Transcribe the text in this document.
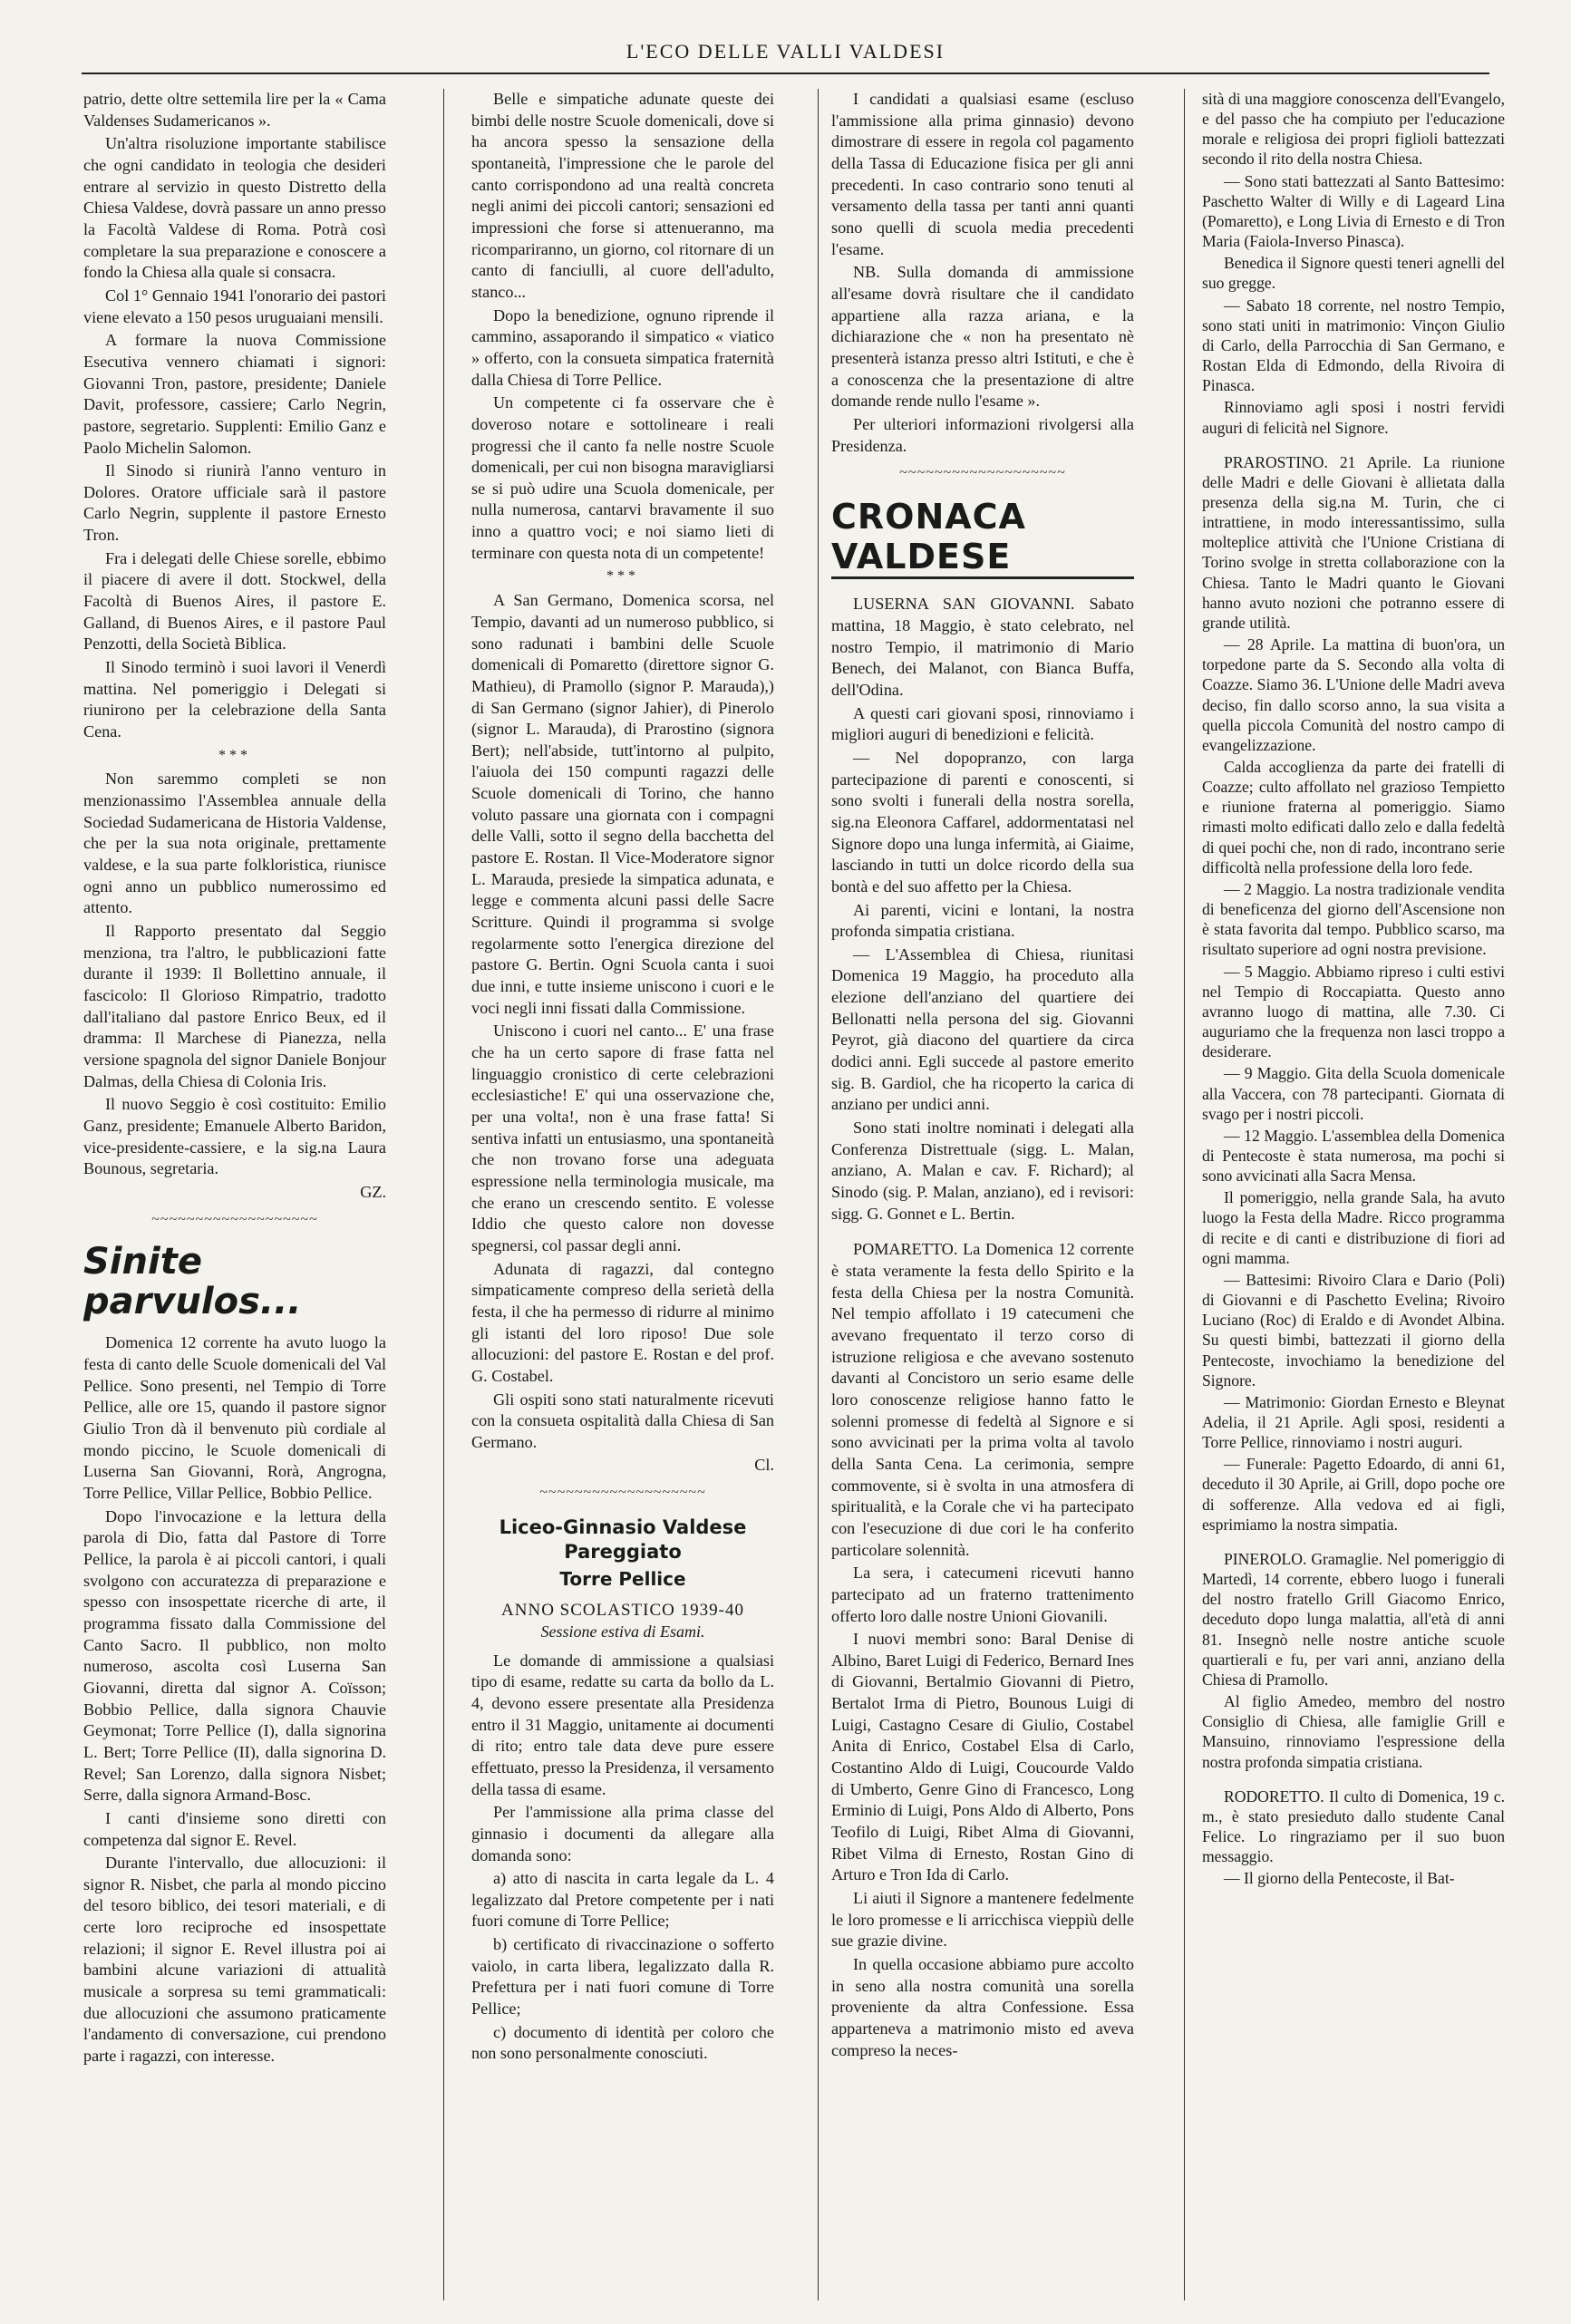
L'ECO DELLE VALLI VALDESI

patrio, dette oltre settemila lire per la « Cama Valdenses Sudamericanos ».

Un'altra risoluzione importante stabilisce che ogni candidato in teologia che desideri entrare al servizio in questo Distretto della Chiesa Valdese, dovrà passare un anno presso la Facoltà Valdese di Roma. Potrà così completare la sua preparazione e conoscere a fondo la Chiesa alla quale si consacra.

Col 1° Gennaio 1941 l'onorario dei pastori viene elevato a 150 pesos uruguaiani mensili.

A formare la nuova Commissione Esecutiva vennero chiamati i signori: Giovanni Tron, pastore, presidente; Daniele Davit, professore, cassiere; Carlo Negrin, pastore, segretario. Supplenti: Emilio Ganz e Paolo Michelin Salomon.

Il Sinodo si riunirà l'anno venturo in Dolores. Oratore ufficiale sarà il pastore Carlo Negrin, supplente il pastore Ernesto Tron.

Fra i delegati delle Chiese sorelle, ebbimo il piacere di avere il dott. Stockwel, della Facoltà di Buenos Aires, il pastore E. Galland, di Buenos Aires, e il pastore Paul Penzotti, della Società Biblica.

Il Sinodo terminò i suoi lavori il Venerdì mattina. Nel pomeriggio i Delegati si riunirono per la celebrazione della Santa Cena.

***

Non saremmo completi se non menzionassimo l'Assemblea annuale della Sociedad Sudamericana de Historia Valdense, che per la sua nota originale, prettamente valdese, e la sua parte folkloristica, riunisce ogni anno un pubblico numerossimo ed attento.

Il Rapporto presentato dal Seggio menziona, tra l'altro, le pubblicazioni fatte durante il 1939: Il Bollettino annuale, il fascicolo: Il Glorioso Rimpatrio, tradotto dall'italiano dal pastore Enrico Beux, ed il dramma: Il Marchese di Pianezza, nella versione spagnola del signor Daniele Bonjour Dalmas, della Chiesa di Colonia Iris.

Il nuovo Seggio è così costituito: Emilio Ganz, presidente; Emanuele Alberto Baridon, vice-presidente-cassiere, e la sig.na Laura Bounous, segretaria.

GZ.
~~~~~~~~~~~~~~~~~~~
Sinite parvulos...

Domenica 12 corrente ha avuto luogo la festa di canto delle Scuole domenicali del Val Pellice. Sono presenti, nel Tempio di Torre Pellice, alle ore 15, quando il pastore signor Giulio Tron dà il benvenuto più cordiale al mondo piccino, le Scuole domenicali di Luserna San Giovanni, Rorà, Angrogna, Torre Pellice, Villar Pellice, Bobbio Pellice.

Dopo l'invocazione e la lettura della parola di Dio, fatta dal Pastore di Torre Pellice, la parola è ai piccoli cantori, i quali svolgono con accuratezza di preparazione e spesso con insospettate ricerche di arte, il programma fissato dalla Commissione del Canto Sacro. Il pubblico, non molto numeroso, ascolta così Luserna San Giovanni, diretta dal signor A. Coïsson; Bobbio Pellice, dalla signora Chauvie Geymonat; Torre Pellice (I), dalla signorina L. Bert; Torre Pellice (II), dalla signorina D. Revel; San Lorenzo, dalla signora Nisbet; Serre, dalla signora Armand-Bosc.

I canti d'insieme sono diretti con competenza dal signor E. Revel.

Durante l'intervallo, due allocuzioni: il signor R. Nisbet, che parla al mondo piccino del tesoro biblico, dei tesori materiali, e di certe loro reciproche ed insospettate relazioni; il signor E. Revel illustra poi ai bambini alcune variazioni di attualità musicale a sorpresa su temi grammaticali: due allocuzioni che assumono praticamente l'andamento di conversazione, cui prendono parte i ragazzi, con interesse.

Belle e simpatiche adunate queste dei bimbi delle nostre Scuole domenicali, dove si ha ancora spesso la sensazione della spontaneità, l'impressione che le parole del canto corrispondono ad una realtà concreta negli animi dei piccoli cantori; sensazioni ed impressioni che forse si attenueranno, ma ricompariranno, un giorno, col ritornare di un canto di fanciulli, al cuore dell'adulto, stanco...

Dopo la benedizione, ognuno riprende il cammino, assaporando il simpatico « viatico » offerto, con la consueta simpatica fraternità dalla Chiesa di Torre Pellice.

Un competente ci fa osservare che è doveroso notare e sottolineare i reali progressi che il canto fa nelle nostre Scuole domenicali, per cui non bisogna maravigliarsi se si può udire una Scuola domenicale, per nulla numerosa, cantarvi bravamente il suo inno a quattro voci; e noi siamo lieti di terminare con questa nota di un competente!

***

A San Germano, Domenica scorsa, nel Tempio, davanti ad un numeroso pubblico, si sono radunati i bambini delle Scuole domenicali di Pomaretto (direttore signor G. Mathieu), di Pramollo (signor P. Marauda),) di San Germano (signor Jahier), di Pinerolo (signor L. Marauda), di Prarostino (signora Bert); nell'abside, tutt'intorno al pulpito, l'aiuola dei 150 compunti ragazzi delle Scuole domenicali di Torino, che hanno voluto passare una giornata con i compagni delle Valli, sotto il segno della bacchetta del pastore E. Rostan. Il Vice-Moderatore signor L. Marauda, presiede la simpatica adunata, e legge e commenta alcuni passi delle Sacre Scritture. Quindi il programma si svolge regolarmente sotto l'energica direzione del pastore G. Bertin. Ogni Scuola canta i suoi due inni, e tutte insieme uniscono i cuori e le voci negli inni fissati dalla Commissione.

Uniscono i cuori nel canto... E' una frase che ha un certo sapore di frase fatta nel linguaggio cronistico di certe celebrazioni ecclesiastiche! E' qui una osservazione che, per una volta!, non è una frase fatta! Si sentiva infatti un entusiasmo, una spontaneità che non trovano forse una adeguata espressione nella terminologia musicale, ma che erano un crescendo sentito. E volesse Iddio che questo calore non dovesse spegnersi, col passar degli anni.

Adunata di ragazzi, dal contegno simpaticamente compreso della serietà della festa, il che ha permesso di ridurre al minimo gli istanti del loro riposo! Due sole allocuzioni: del pastore E. Rostan e del prof. G. Costabel.

Gli ospiti sono stati naturalmente ricevuti con la consueta ospitalità dalla Chiesa di San Germano.

Cl.
~~~~~~~~~~~~~~~~~~~
Liceo-Ginnasio Valdese Pareggiato
Torre Pellice
ANNO SCOLASTICO 1939-40
Sessione estiva di Esami.

Le domande di ammissione a qualsiasi tipo di esame, redatte su carta da bollo da L. 4, devono essere presentate alla Presidenza entro il 31 Maggio, unitamente ai documenti di rito; entro tale data deve pure essere effettuato, presso la Presidenza, il versamento della tassa di esame.

Per l'ammissione alla prima classe del ginnasio i documenti da allegare alla domanda sono:

a) atto di nascita in carta legale da L. 4 legalizzato dal Pretore competente per i nati fuori comune di Torre Pellice;

b) certificato di rivaccinazione o sofferto vaiolo, in carta libera, legalizzato dalla R. Prefettura per i nati fuori comune di Torre Pellice;

c) documento di identità per coloro che non sono personalmente conosciuti.

I candidati a qualsiasi esame (escluso l'ammissione alla prima ginnasio) devono dimostrare di essere in regola col pagamento della Tassa di Educazione fisica per gli anni precedenti. In caso contrario sono tenuti al versamento della tassa per tanti anni quanti sono quelli di scuola media precedenti l'esame.

NB. Sulla domanda di ammissione all'esame dovrà risultare che il candidato appartiene alla razza ariana, e la dichiarazione che « non ha presentato nè presenterà istanza presso altri Istituti, e che è a conoscenza che la presentazione di altre domande rende nullo l'esame ».

Per ulteriori informazioni rivolgersi alla Presidenza.

~~~~~~~~~~~~~~~~~~~
CRONACA VALDESE

LUSERNA SAN GIOVANNI. Sabato mattina, 18 Maggio, è stato celebrato, nel nostro Tempio, il matrimonio di Mario Benech, dei Malanot, con Bianca Buffa, dell'Odina.

A questi cari giovani sposi, rinnoviamo i migliori auguri di benedizioni e felicità.

— Nel dopopranzo, con larga partecipazione di parenti e conoscenti, si sono svolti i funerali della nostra sorella, sig.na Eleonora Caffarel, addormentatasi nel Signore dopo una lunga infermità, ai Giaime, lasciando in tutti un dolce ricordo della sua bontà e del suo affetto per la Chiesa.

Ai parenti, vicini e lontani, la nostra profonda simpatia cristiana.

— L'Assemblea di Chiesa, riunitasi Domenica 19 Maggio, ha proceduto alla elezione dell'anziano del quartiere dei Bellonatti nella persona del sig. Giovanni Peyrot, già diacono del quartiere da circa dodici anni. Egli succede al pastore emerito sig. B. Gardiol, che ha ricoperto la carica di anziano per undici anni.

Sono stati inoltre nominati i delegati alla Conferenza Distrettuale (sigg. L. Malan, anziano, A. Malan e cav. F. Richard); al Sinodo (sig. P. Malan, anziano), ed i revisori: sigg. G. Gonnet e L. Bertin.

POMARETTO. La Domenica 12 corrente è stata veramente la festa dello Spirito e la festa della Chiesa per la nostra Comunità. Nel tempio affollato i 19 catecumeni che avevano frequentato il terzo corso di istruzione religiosa e che avevano sostenuto davanti al Concistoro un serio esame delle loro conoscenze religiose hanno fatto le solenni promesse di fedeltà al Signore e si sono avvicinati per la prima volta al tavolo della Santa Cena. La cerimonia, sempre commovente, si è svolta in una atmosfera di spiritualità, e la Corale che vi ha partecipato con l'esecuzione di due cori le ha conferito particolare solennità.

La sera, i catecumeni ricevuti hanno partecipato ad un fraterno trattenimento offerto loro dalle nostre Unioni Giovanili.

I nuovi membri sono: Baral Denise di Albino, Baret Luigi di Federico, Bernard Ines di Giovanni, Bertalmio Giovanni di Pietro, Bertalot Irma di Pietro, Bounous Luigi di Luigi, Castagno Cesare di Giulio, Costabel Anita di Enrico, Costabel Elsa di Carlo, Costantino Aldo di Luigi, Coucourde Valdo di Umberto, Genre Gino di Francesco, Long Erminio di Luigi, Pons Aldo di Alberto, Pons Teofilo di Luigi, Ribet Alma di Giovanni, Ribet Vilma di Ernesto, Rostan Gino di Arturo e Tron Ida di Carlo.

Li aiuti il Signore a mantenere fedelmente le loro promesse e li arricchisca vieppiù delle sue grazie divine.

In quella occasione abbiamo pure accolto in seno alla nostra comunità una sorella proveniente da altra Confessione. Essa apparteneva a matrimonio misto ed aveva compreso la neces-

sità di una maggiore conoscenza dell'Evangelo, e del passo che ha compiuto per l'educazione morale e religiosa dei propri figlioli battezzati secondo il rito della nostra Chiesa.

— Sono stati battezzati al Santo Battesimo: Paschetto Walter di Willy e di Lageard Lina (Pomaretto), e Long Livia di Ernesto e di Tron Maria (Faiola-Inverso Pinasca).

Benedica il Signore questi teneri agnelli del suo gregge.

— Sabato 18 corrente, nel nostro Tempio, sono stati uniti in matrimonio: Vinçon Giulio di Carlo, della Parrocchia di San Germano, e Rostan Elda di Edmondo, della Rivoira di Pinasca.

Rinnoviamo agli sposi i nostri fervidi auguri di felicità nel Signore.

PRAROSTINO. 21 Aprile. La riunione delle Madri e delle Giovani è allietata dalla presenza della sig.na M. Turin, che ci intrattiene, in modo interessantissimo, sulla molteplice attività che l'Unione Cristiana di Torino svolge in stretta collaborazione con la Chiesa. Tanto le Madri quanto le Giovani hanno avuto nozioni che potranno essere di grande utilità.

— 28 Aprile. La mattina di buon'ora, un torpedone parte da S. Secondo alla volta di Coazze. Siamo 36. L'Unione delle Madri aveva deciso, fin dallo scorso anno, la sua visita a quella piccola Comunità del nostro campo di evangelizzazione.

Calda accoglienza da parte dei fratelli di Coazze; culto affollato nel grazioso Tempietto e riunione fraterna al pomeriggio. Siamo rimasti molto edificati dallo zelo e dalla fedeltà di quei pochi che, non di rado, incontrano serie difficoltà nella professione della loro fede.

— 2 Maggio. La nostra tradizionale vendita di beneficenza del giorno dell'Ascensione non è stata favorita dal tempo. Pubblico scarso, ma risultato superiore ad ogni nostra previsione.

— 5 Maggio. Abbiamo ripreso i culti estivi nel Tempio di Roccapiatta. Questo anno avranno luogo di mattina, alle 7.30. Ci auguriamo che la frequenza non lasci troppo a desiderare.

— 9 Maggio. Gita della Scuola domenicale alla Vaccera, con 78 partecipanti. Giornata di svago per i nostri piccoli.

— 12 Maggio. L'assemblea della Domenica di Pentecoste è stata numerosa, ma pochi si sono avvicinati alla Sacra Mensa.

Il pomeriggio, nella grande Sala, ha avuto luogo la Festa della Madre. Ricco programma di recite e di canti e distribuzione di fiori ad ogni mamma.

— Battesimi: Rivoiro Clara e Dario (Poli) di Giovanni e di Paschetto Evelina; Rivoiro Luciano (Roc) di Eraldo e di Avondet Albina. Su questi bimbi, battezzati il giorno della Pentecoste, invochiamo la benedizione del Signore.

— Matrimonio: Giordan Ernesto e Bleynat Adelia, il 21 Aprile. Agli sposi, residenti a Torre Pellice, rinnoviamo i nostri auguri.

— Funerale: Pagetto Edoardo, di anni 61, deceduto il 30 Aprile, ai Grill, dopo poche ore di sofferenze. Alla vedova ed ai figli, esprimiamo la nostra simpatia.

PINEROLO. Gramaglie. Nel pomeriggio di Martedì, 14 corrente, ebbero luogo i funerali del nostro fratello Grill Giacomo Enrico, deceduto dopo lunga malattia, all'età di anni 81. Insegnò nelle nostre antiche scuole quartierali e fu, per vari anni, anziano della Chiesa di Pramollo.

Al figlio Amedeo, membro del nostro Consiglio di Chiesa, alle famiglie Grill e Mansuino, rinnoviamo l'espressione della nostra profonda simpatia cristiana.

RODORETTO. Il culto di Domenica, 19 c. m., è stato presieduto dallo studente Canal Felice. Lo ringraziamo per il suo buon messaggio.

— Il giorno della Pentecoste, il Bat-
